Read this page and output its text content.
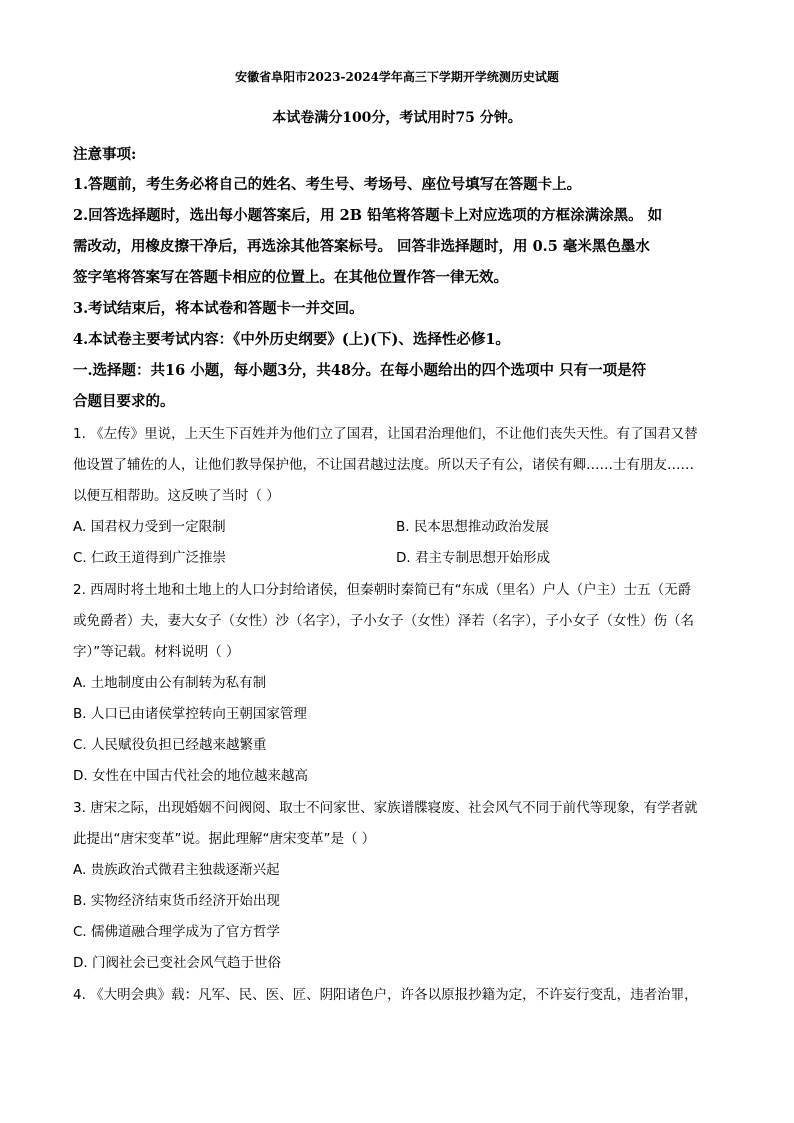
安徽省阜阳市2023-2024学年高三下学期开学统测历史试题
本试卷满分100分，考试用时75 分钟。
注意事项:
1.答题前，考生务必将自己的姓名、考生号、考场号、座位号填写在答题卡上。
2.回答选择题时，选出每小题答案后，用 2B 铅笔将答题卡上对应选项的方框涂满涂黑。 如
需改动，用橡皮擦干净后，再选涂其他答案标号。 回答非选择题时，用 0.5 毫米黑色墨水
签字笔将答案写在答题卡相应的位置上。在其他位置作答一律无效。
3.考试结束后，将本试卷和答题卡一并交回。
4.本试卷主要考试内容：《中外历史纲要》(上)(下)、选择性必修1。
一.选择题：共16 小题，每小题3分，共48分。在每小题给出的四个选项中 只有一项是符
合题目要求的。
1. 《左传》里说，上天生下百姓并为他们立了国君，让国君治理他们，不让他们丧失天性。有了国君又替
他设置了辅佐的人，让他们教导保护他，不让国君越过法度。所以天子有公，诸侯有卿……士有朋友……
以便互相帮助。这反映了当时（ ）
A. 国君权力受到一定限制	B. 民本思想推动政治发展
C. 仁政王道得到广泛推崇	D. 君主专制思想开始形成
2. 西周时将土地和土地上的人口分封给诸侯，但秦朝时秦简已有“东成（里名）户人（户主）士五（无爵
或免爵者）夫，妻大女子（女性）沙（名字），子小女子（女性）泽若（名字），子小女子（女性）伤（名
字）”等记载。材料说明（ ）
A. 土地制度由公有制转为私有制
B. 人口已由诸侯掌控转向王朝国家管理
C. 人民赋役负担已经越来越繁重
D. 女性在中国古代社会的地位越来越高
3. 唐宋之际，出现婚姻不问阀阅、取士不问家世、家族谱牒寝废、社会风气不同于前代等现象，有学者就
此提出“唐宋变革”说。据此理解“唐宋变革”是（ ）
A. 贵族政治式微君主独裁逐渐兴起
B. 实物经济结束货币经济开始出现
C. 儒佛道融合理学成为了官方哲学
D. 门阀社会已变社会风气趋于世俗
4. 《大明会典》载：凡军、民、医、匠、阴阳诸色户，许各以原报抄籍为定，不许妄行变乱，违者治罪，
